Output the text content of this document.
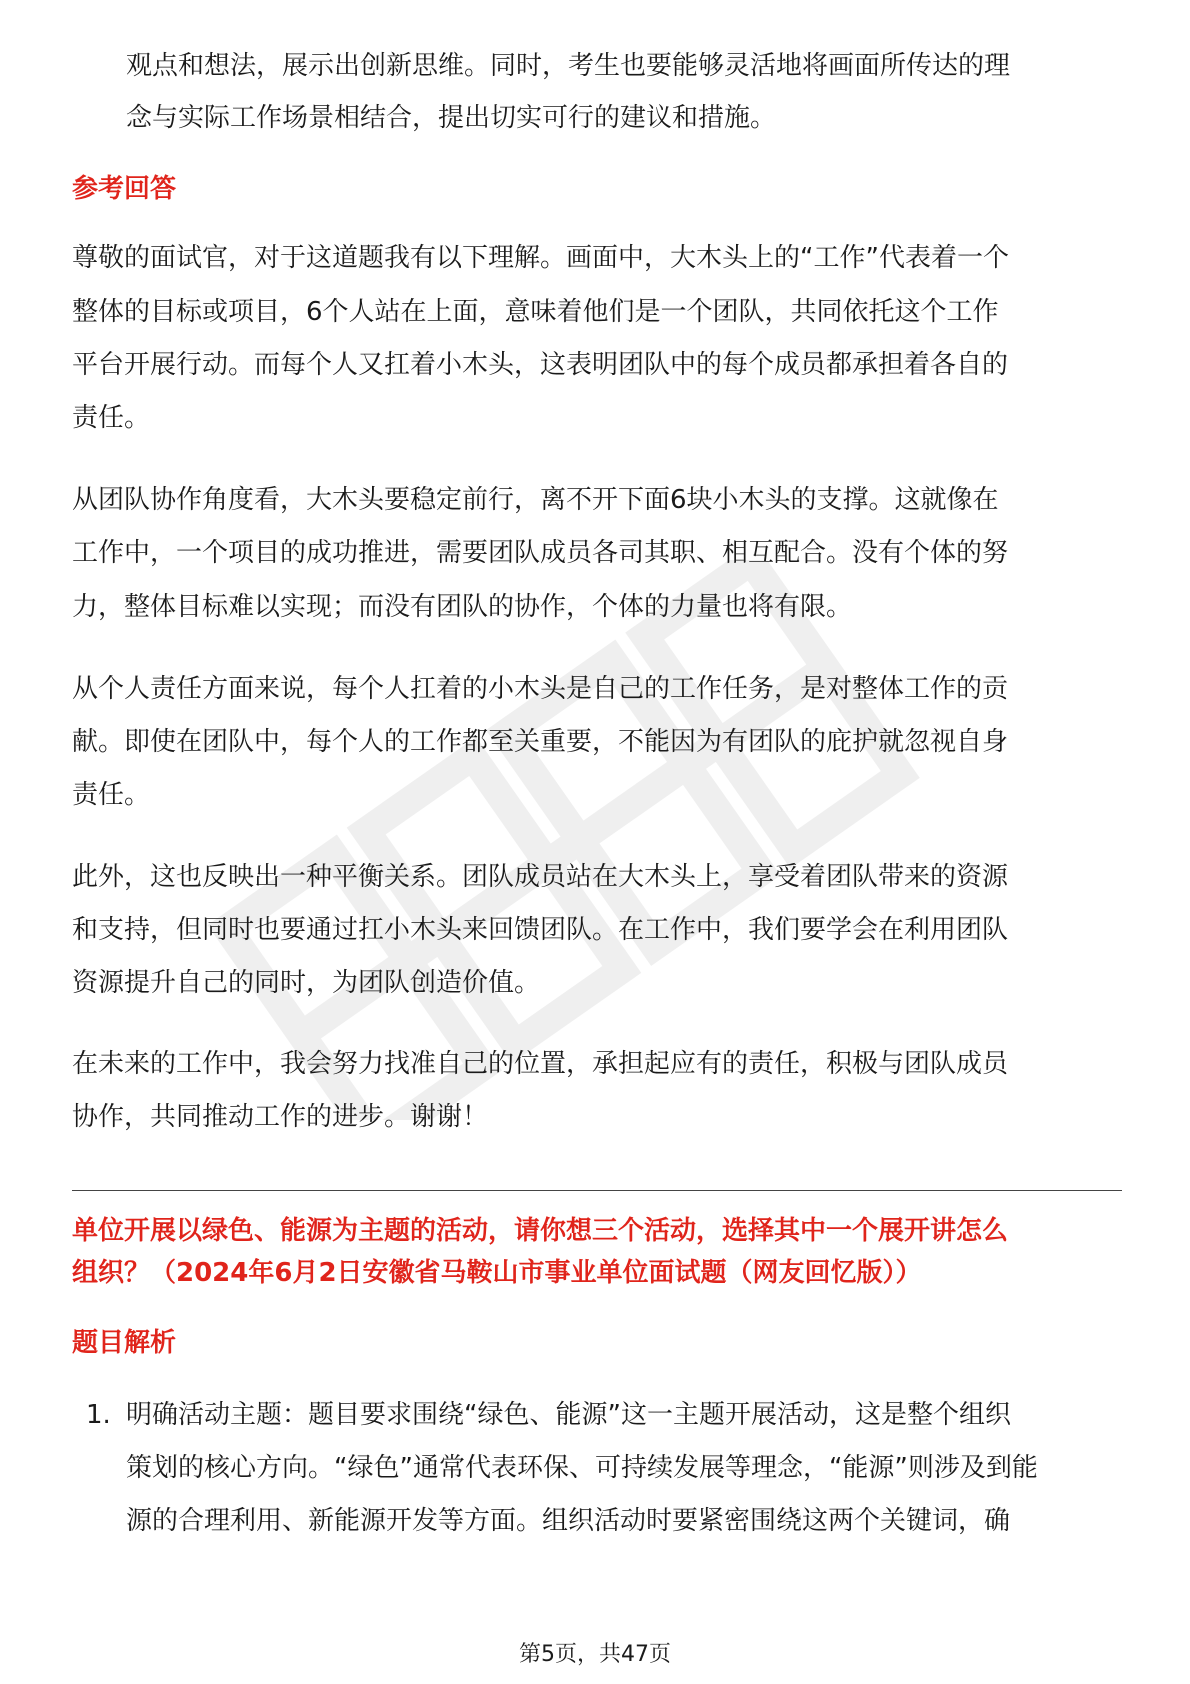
观点和想法，展示出创新思维。同时，考生也要能够灵活地将画面所传达的理
念与实际工作场景相结合，提出切实可行的建议和措施。
参考回答
尊敬的面试官，对于这道题我有以下理解。画面中，大木头上的“工作”代表着一个
整体的目标或项目，6个人站在上面，意味着他们是一个团队，共同依托这个工作
平台开展行动。而每个人又扛着小木头，这表明团队中的每个成员都承担着各自的
责任。
从团队协作角度看，大木头要稳定前行，离不开下面6块小木头的支撑。这就像在
工作中，一个项目的成功推进，需要团队成员各司其职、相互配合。没有个体的努
力，整体目标难以实现；而没有团队的协作，个体的力量也将有限。
从个人责任方面来说，每个人扛着的小木头是自己的工作任务，是对整体工作的贡
献。即使在团队中，每个人的工作都至关重要，不能因为有团队的庇护就忽视自身
责任。
此外，这也反映出一种平衡关系。团队成员站在大木头上，享受着团队带来的资源
和支持，但同时也要通过扛小木头来回馈团队。在工作中，我们要学会在利用团队
资源提升自己的同时，为团队创造价值。
在未来的工作中，我会努力找准自己的位置，承担起应有的责任，积极与团队成员
协作，共同推动工作的进步。谢谢！
单位开展以绿色、能源为主题的活动，请你想三个活动，选择其中一个展开讲怎么
组织？（2024年6月2日安徽省马鞍山市事业单位面试题（网友回忆版））
题目解析
1. 明确活动主题：题目要求围绕“绿色、能源”这一主题开展活动，这是整个组织
策划的核心方向。“绿色”通常代表环保、可持续发展等理念，“能源”则涉及到能
源的合理利用、新能源开发等方面。组织活动时要紧密围绕这两个关键词，确
第5页，共47页
